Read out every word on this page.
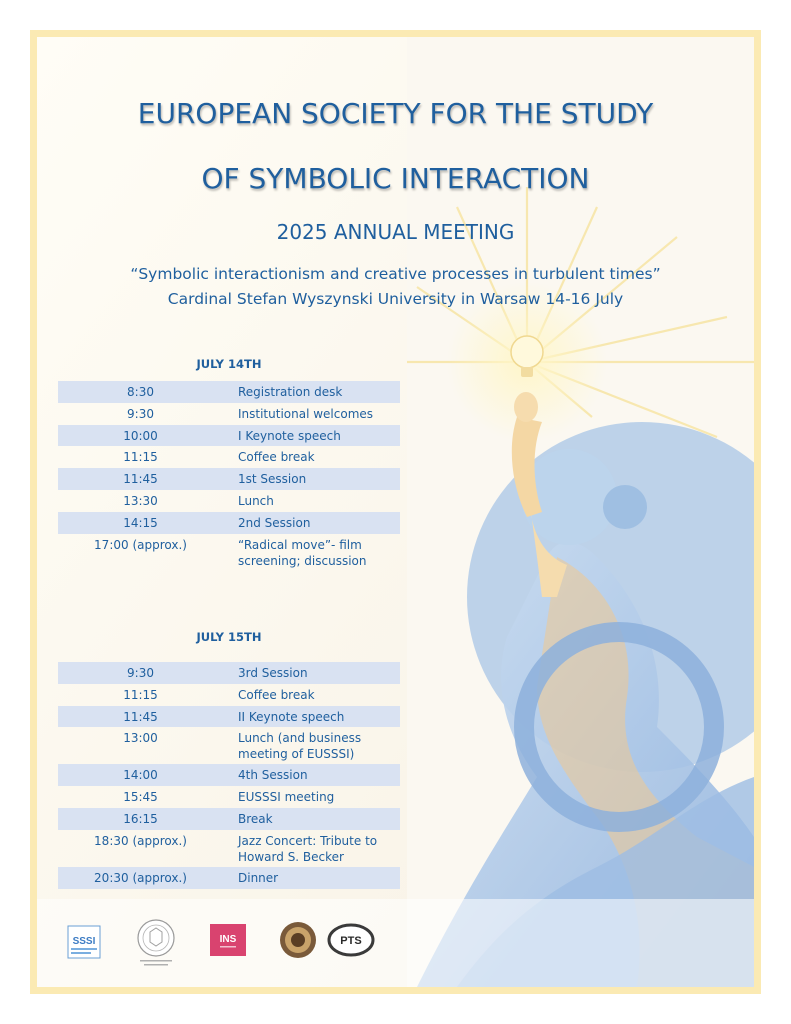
EUROPEAN SOCIETY FOR THE STUDY
OF SYMBOLIC INTERACTION
2025 ANNUAL MEETING
“Symbolic interactionism and creative processes in turbulent times”
Cardinal Stefan Wyszynski University in Warsaw 14-16 July
JULY 14TH
8:30	Registration desk
9:30	Institutional welcomes
10:00	I Keynote speech
11:15	Coffee break
11:45	1st Session
13:30	Lunch
14:15	2nd Session
17:00 (approx.)	“Radical move”- film screening; discussion
JULY 15TH
9:30	3rd Session
11:15	Coffee break
11:45	II Keynote speech
13:00	Lunch (and business meeting of EUSSSI)
14:00	4th Session
15:45	EUSSSI meeting
16:15	Break
18:30 (approx.)	Jazz Concert: Tribute to Howard S. Becker
20:30 (approx.)	Dinner
SSSI	INS	PTS
